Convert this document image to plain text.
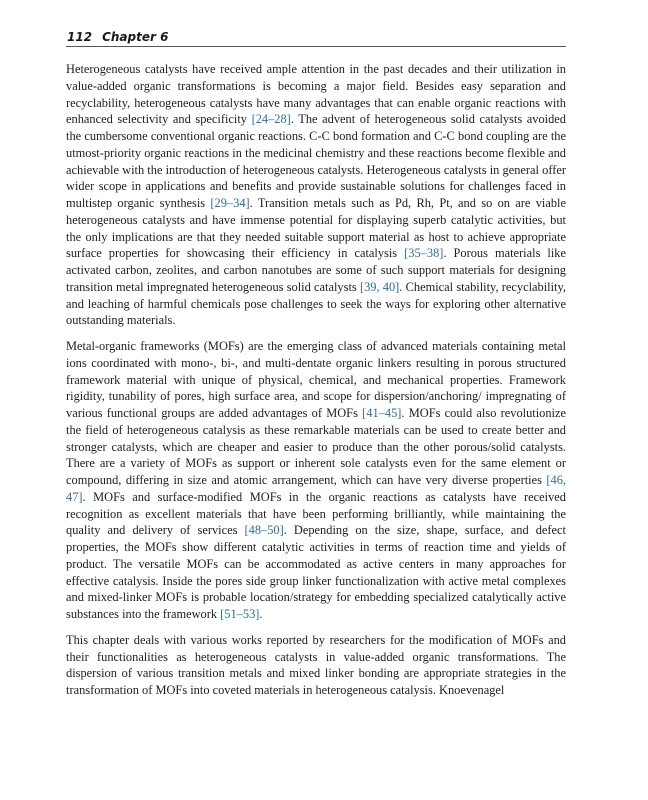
112 Chapter 6

Heterogeneous catalysts have received ample attention in the past decades and their utilization in value-added organic transformations is becoming a major field. Besides easy separation and recyclability, heterogeneous catalysts have many advantages that can enable organic reactions with enhanced selectivity and specificity [24–28]. The advent of heterogeneous solid catalysts avoided the cumbersome conventional organic reactions. C-C bond formation and C-C bond coupling are the utmost-priority organic reactions in the medicinal chemistry and these reactions become flexible and achievable with the introduction of heterogeneous catalysts. Heterogeneous catalysts in general offer wider scope in applications and benefits and provide sustainable solutions for challenges faced in multistep organic synthesis [29–34]. Transition metals such as Pd, Rh, Pt, and so on are viable heterogeneous catalysts and have immense potential for displaying superb catalytic activities, but the only implications are that they needed suitable support material as host to achieve appropriate surface properties for showcasing their efficiency in catalysis [35–38]. Porous materials like activated carbon, zeolites, and carbon nanotubes are some of such support materials for designing transition metal impregnated heterogeneous solid catalysts [39, 40]. Chemical stability, recyclability, and leaching of harmful chemicals pose challenges to seek the ways for exploring other alternative outstanding materials.

Metal-organic frameworks (MOFs) are the emerging class of advanced materials containing metal ions coordinated with mono-, bi-, and multi-dentate organic linkers resulting in porous structured framework material with unique of physical, chemical, and mechanical properties. Framework rigidity, tunability of pores, high surface area, and scope for dispersion/anchoring/ impregnating of various functional groups are added advantages of MOFs [41–45]. MOFs could also revolutionize the field of heterogeneous catalysis as these remarkable materials can be used to create better and stronger catalysts, which are cheaper and easier to produce than the other porous/solid catalysts. There are a variety of MOFs as support or inherent sole catalysts even for the same element or compound, differing in size and atomic arrangement, which can have very diverse properties [46, 47]. MOFs and surface-modified MOFs in the organic reactions as catalysts have received recognition as excellent materials that have been performing brilliantly, while maintaining the quality and delivery of services [48–50]. Depending on the size, shape, surface, and defect properties, the MOFs show different catalytic activities in terms of reaction time and yields of product. The versatile MOFs can be accommodated as active centers in many approaches for effective catalysis. Inside the pores side group linker functionalization with active metal complexes and mixed-linker MOFs is probable location/strategy for embedding specialized catalytically active substances into the framework [51–53].

This chapter deals with various works reported by researchers for the modification of MOFs and their functionalities as heterogeneous catalysts in value-added organic transformations. The dispersion of various transition metals and mixed linker bonding are appropriate strategies in the transformation of MOFs into coveted materials in heterogeneous catalysis. Knoevenagel
